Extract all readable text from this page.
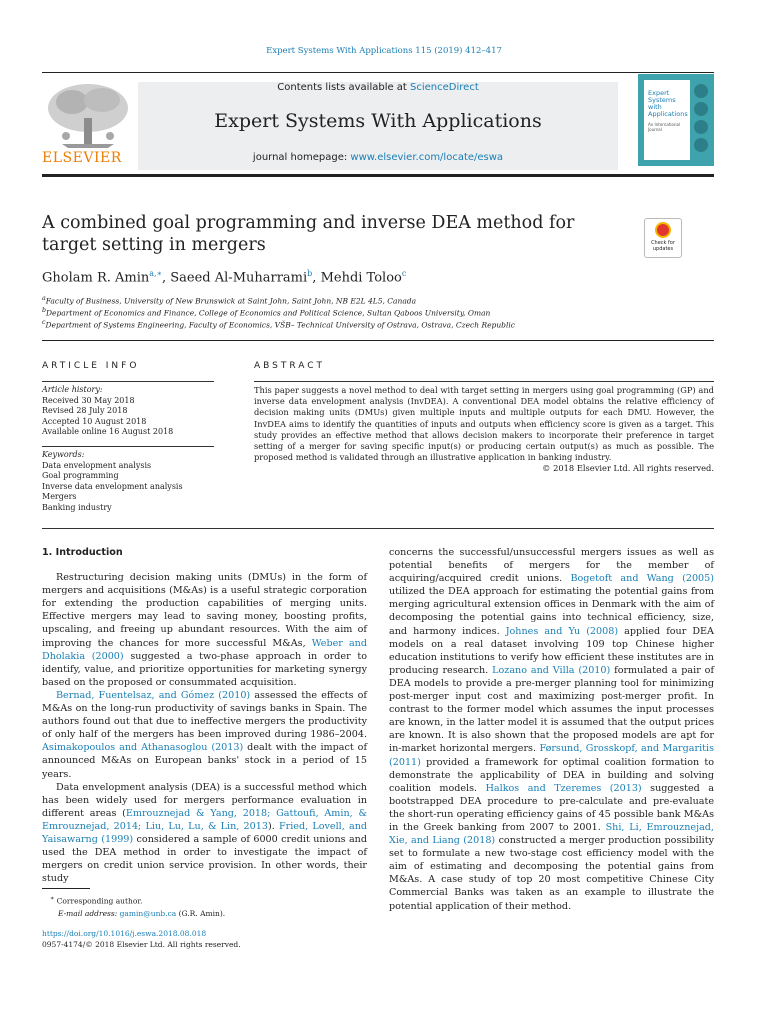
Expert Systems With Applications 115 (2019) 412–417
ELSEVIER
Contents lists available at ScienceDirect
Expert Systems With Applications
journal homepage: www.elsevier.com/locate/eswa
Expert Systems with Applications
An International Journal
A combined goal programming and inverse DEA method for target setting in mergers	Check for updates
Gholam R. Amin$^{a,∗}$, Saeed Al-Muharrami$^b$, Mehdi Toloo$^c$
$^a$Faculty of Business, University of New Brunswick at Saint John, Saint John, NB E2L 4L5, Canada
$^b$Department of Economics and Finance, College of Economics and Political Science, Sultan Qaboos University, Oman
$^c$Department of Systems Engineering, Faculty of Economics, VŠB– Technical University of Ostrava, Ostrava, Czech Republic
ARTICLE INFO	ABSTRACT
Article history:
Received 30 May 2018
Revised 28 July 2018
Accepted 10 August 2018
Available online 16 August 2018
Keywords:
Data envelopment analysis
Goal programming
Inverse data envelopment analysis
Mergers
Banking industry
This paper suggests a novel method to deal with target setting in mergers using goal programming (GP) and inverse data envelopment analysis (InvDEA). A conventional DEA model obtains the relative efficiency of decision making units (DMUs) given multiple inputs and multiple outputs for each DMU. However, the InvDEA aims to identify the quantities of inputs and outputs when efficiency score is given as a target. This study provides an effective method that allows decision makers to incorporate their preference in target setting of a merger for saving specific input(s) or producing certain output(s) as much as possible. The proposed method is validated through an illustrative application in banking industry.
© 2018 Elsevier Ltd. All rights reserved.

1. Introduction

Restructuring decision making units (DMUs) in the form of mergers and acquisitions (M&As) is a useful strategic corporation for extending the production capabilities of merging units. Effective mergers may lead to saving money, boosting profits, upscaling, and freeing up abundant resources. With the aim of improving the chances for more successful M&As, Weber and Dholakia (2000) suggested a two-phase approach in order to identify, value, and prioritize opportunities for marketing synergy based on the proposed or consummated acquisition.

Bernad, Fuentelsaz, and Gómez (2010) assessed the effects of M&As on the long-run productivity of savings banks in Spain. The authors found out that due to ineffective mergers the productivity of only half of the mergers has been improved during 1986–2004. Asimakopoulos and Athanasoglou (2013) dealt with the impact of announced M&As on European banks' stock in a period of 15 years.

Data envelopment analysis (DEA) is a successful method which has been widely used for mergers performance evaluation in different areas (Emrouznejad & Yang, 2018; Gattoufi, Amin, & Emrouznejad, 2014; Liu, Lu, Lu, & Lin, 2013). Fried, Lovell, and Yaisawarng (1999) considered a sample of 6000 credit unions and used the DEA method in order to investigate the impact of mergers on credit union service provision. In other words, their study

concerns the successful/unsuccessful mergers issues as well as potential benefits of mergers for the member of acquiring/acquired credit unions. Bogetoft and Wang (2005) utilized the DEA approach for estimating the potential gains from merging agricultural extension offices in Denmark with the aim of decomposing the potential gains into technical efficiency, size, and harmony indices. Johnes and Yu (2008) applied four DEA models on a real dataset involving 109 top Chinese higher education institutions to verify how efficient these institutes are in producing research. Lozano and Villa (2010) formulated a pair of DEA models to provide a pre-merger planning tool for minimizing post-merger input cost and maximizing post-merger profit. In contrast to the former model which assumes the input processes are known, in the latter model it is assumed that the output prices are known. It is also shown that the proposed models are apt for in-market horizontal mergers. Førsund, Grosskopf, and Margaritis (2011) provided a framework for optimal coalition formation to demonstrate the applicability of DEA in building and solving coalition models. Halkos and Tzeremes (2013) suggested a bootstrapped DEA procedure to pre-calculate and pre-evaluate the short-run operating efficiency gains of 45 possible bank M&As in the Greek banking from 2007 to 2001. Shi, Li, Emrouznejad, Xie, and Liang (2018) constructed a merger production possibility set to formulate a new two-stage cost efficiency model with the aim of estimating and decomposing the potential gains from M&As. A case study of top 20 most competitive Chinese City Commercial Banks was taken as an example to illustrate the potential application of their method.

∗ Corresponding author.
E-mail address: gamin@unb.ca (G.R. Amin).
https://doi.org/10.1016/j.eswa.2018.08.018
0957-4174/© 2018 Elsevier Ltd. All rights reserved.
